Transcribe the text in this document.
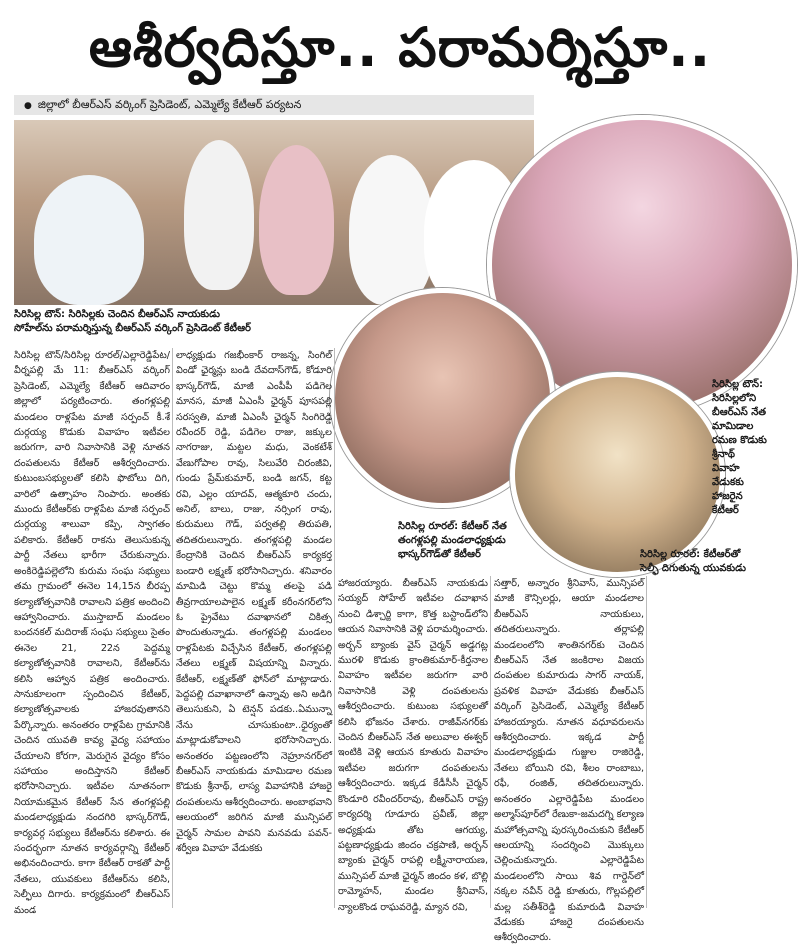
ఆశీర్వదిస్తూ.. పరామర్శిస్తూ..
● జిల్లాలో బీఆర్ఎస్ వర్కింగ్ ప్రెసిడెంట్, ఎమ్మెల్యే కేటీఆర్ పర్యటన
సిరిసిల్ల టౌన్: సిరిసిల్లకు చెందిన బీఆర్ఎస్ నాయకుడు
సోహేల్‌ను పరామర్శిస్తున్న బీఆర్ఎస్ వర్కింగ్ ప్రెసిడెంట్ కేటీఆర్
సిరిసిల్ల టౌన్:
సిరిసిల్లలోని
బీఆర్ఎస్ నేత
మామిడాల
రమణ కొడుకు
శ్రీనాథ్
వివాహ
వేడుకకు
హాజరైన
కేటీఆర్
సిరిసిల్ల రూరల్: కేటీఆర్ నేత
తంగళ్లపల్లి మండలాధ్యక్షుడు
భాస్కర్‌గౌడ్‌తో కేటీఆర్	సిరిసిల్ల రూరల్: కేటీఆర్‌తో
సెల్ఫీ దిగుతున్న యువకుడు
సిరిసిల్ల టౌన్/సిరిసిల్ల రూరల్/ఎల్లారెడ్డిపేట/వీర్నపల్లి మే 11: బీఆర్ఎస్ వర్కింగ్ ప్రెసిడెంట్, ఎమ్మెల్యే కేటీఆర్ ఆదివారం జిల్లాలో పర్యటించారు. తంగళ్లపల్లి మండలం రాళ్లపేట మాజీ సర్పంచ్ కీ.శే దుర్గయ్య కొడుకు వివాహం ఇటీవల జరుగగా, వారి నివాసానికి వెళ్లి నూతన దంపతులను కేటీఆర్ ఆశీర్వదించారు. కుటుంబసభ్యులతో కలిసి ఫొటోలు దిగి, వారిలో ఉత్సాహం నింపారు. అంతకు ముందు కేటీఆర్‌కు రాళ్లపేట మాజీ సర్పంచ్ దుర్గయ్య శాలువా కప్పి, స్వాగతం పలికారు. కేటీఆర్ రాకను తెలుసుకున్న పార్టీ నేతలు భారీగా చేరుకున్నారు. అంకిరెడ్డిపల్లెలోని కురుమ సంఘ సభ్యులు తమ గ్రామంలో ఈనెల 14,15న బీరప్ప కల్యాణోత్సవానికి రావాలని పత్రిక అందించి ఆహ్వానించారు. ముస్తాబాద్ మండలం బందనకల్ మదిరాజ్ సంఘ సభ్యులు సైతం ఈనెల 21, 22న పెద్దమ్మ కల్యాణోత్సవానికి రావాలని, కేటీఆర్‌ను కలిసి ఆహ్వాన పత్రిక అందించారు. సానుకూలంగా స్పందించిన కేటీఆర్, కల్యాణోత్సవాలకు హాజరవుతానని పేర్కొన్నారు. అనంతరం రాళ్లపేట గ్రామానికి చెందిన యువతి కావ్య వైద్య సహాయం చేయాలని కోరగా, మెరుగైన వైద్యం కోసం సహాయం అందిస్తానని కేటీఆర్ భరోసానిచ్చారు. ఇటీవల నూతనంగా నియామకమైన కేటీఆర్ సేన తంగళ్లపల్లి మండలాధ్యక్షుడు నందగిరి భాస్కర్‌గౌడ్, కార్యవర్గ సభ్యులు కేటీఆర్‌ను కలిశారు. ఈ సందర్భంగా నూతన కార్యవర్గాన్ని కేటీఆర్ అభినందించారు. కాగా కేటీఆర్ రాకతో పార్టీ నేతలు, యువకులు కేటీఆర్‌ను కలిసి, సెల్ఫీలు దిగారు. కార్యక్రమంలో బీఆర్ఎస్ మండ
లాధ్యక్షుడు గజభీంకార్ రాజన్న, సింగిల్ విండో ఛైర్మన్లు బండి దేవదాస్‌గౌడ్, కోడూరి భాస్కర్‌గౌడ్, మాజీ ఎంపీపీ పడిగెల మానస, మాజీ ఏఎంసీ ఛైర్మన్ పూసపల్లి సరస్వతి, మాజీ ఏఎంసీ ఛైర్మన్ సింగిరెడ్డి రవీందర్ రెడ్డి, పడిగెల రాజు, జక్కుల నాగరాజు, మట్టల మధు, వెంకటేశ్ వేణుగోపాల రావు, సిలువేరి చిరంజీవి, గుండు ప్రేమ్‌కుమార్, బండి జగన్, కట్ట రవి, ఎల్లం యాదవ్, ఆత్మకూరి చందు, అనిల్, బాలు, రాజు, నర్సింగ రావు, కురుమలు గౌడ్, పర్వతల్లి తిరుపతి, తదితరులున్నారు. తంగళ్లపల్లి మండల కేంద్రానికి చెందిన బీఆర్ఎస్ కార్యకర్త బండారి లక్ష్మణ్ భరోసానిచ్చారు. శనివారం మామిడి చెట్టు కొమ్మ తలపై పడి తీవ్రగాయాలపాలైన లక్ష్మణ్ కరీంనగర్‌లోని ఓ ప్రైవేటు దవాఖానలో చికిత్స పొందుతున్నాడు. తంగళ్లపల్లి మండలం రాళ్లపేటకు విచ్చేసిన కేటీఆర్, తంగళ్లపల్లి నేతలు లక్ష్మణ్ విషయాన్ని విన్నారు. కేటీఆర్, లక్ష్మణ్‌తో ఫోన్‌లో మాట్లాడారు. పెద్దపల్లి దవాఖానాలో ఉన్నావు అని అడిగి తెలుసుకుని, ఏ టెన్షన్ పడకు..ఏమున్నా నేను చూసుకుంటా..ధైర్యంతో మాట్లాడుకోవాలని భరోసానిచ్చారు. అనంతరం పట్టణంలోని నెహ్రూనగర్‌లో బీఆర్ఎస్ నాయకుడు మామిడాల రమణ కొడుకు శ్రీనాథ్, లాస్య వివాహానికి హాజరై దంపతులను ఆశీర్వదించారు. అంబాభవాని ఆలయంలో జరిగిన మాజీ మున్సిపల్ చైర్మన్ సామల పావని మనవడు పవన్-శర్వీణ వివాహ వేడుకకు
హాజరయ్యారు. బీఆర్ఎస్ నాయకుడు సయ్యద్ సోహేల్ ఇటీవల దవాఖాన నుంచి డిశ్చార్జి కాగా, కొత్త బస్టాండ్‌లోని ఆయన నివాసానికి వెళ్లి పరామర్శించారు. అర్బన్ బ్యాంకు వైస్ చైర్మన్ అడ్డగట్ల మురళి కొడుకు క్రాంతికుమార్-కీర్తనాల వివాహం ఇటీవల జరుగగా వారి నివాసానికి వెళ్లి దంపతులను ఆశీర్వదించారు. కుటుంబ సభ్యులతో కలిసి భోజనం చేశారు. రాజీవ్‌నగర్‌కు చెందిన బీఆర్ఎస్ నేత అలువాల ఈశ్వర్ ఇంటికి వెళ్లి ఆయన కూతురు వివాహం ఇటీవల జరుగగా దంపతులను ఆశీర్వదించారు. ఇక్కడ కేడీసీసీ చైర్మన్ కొండూరి రవీందర్‌రావు, బీఆర్ఎస్ రాష్ట్ర కార్యదర్శి గూడూరు ప్రవీణ్, జిల్లా అధ్యక్షుడు తోట ఆగయ్య, పట్టణాధ్యక్షుడు జిందం చక్రపాణి, అర్బన్ బ్యాంకు చైర్మన్ రాపల్లి లక్ష్మీనారాయణ, మున్సిపల్ మాజీ ఛైర్మన్ జిందం కళ, బొల్లి రామ్మోహన్, మండల శ్రీనివాస్, న్యాలకొండ రాఘవరెడ్డి, మ్యాన రవి,
సత్తార్, అన్నారం శ్రీనివాస్, మున్సిపల్ మాజీ కౌన్సిలర్లు, ఆయా మండలాల బీఆర్ఎస్ నాయకులు, తదితరులున్నారు. తర్లాపల్లి మండలంలోని శాంతినగర్‌కు చెందిన బీఆర్ఎస్ నేత జంకిరాల విజయ దంపతుల కుమారుడు సాగర్ నాయక్, ప్రవళిక వివాహ వేడుకకు బీఆర్ఎస్ వర్కింగ్ ప్రెసిడెంట్, ఎమ్మెల్యే కేటీఆర్ హాజరయ్యారు. నూతన వధూవరులను ఆశీర్వదించారు. ఇక్కడ పార్టీ మండలాధ్యక్షుడు గుజ్జుల రాజిరెడ్డి, నేతలు బోయిని రవి, శీలం రాంబాబు, రఫీ, రంజిత్, తదితరులున్నారు. అనంతరం ఎల్లారెడ్డిపేట మండలం అల్మాస్‌పూర్‌లో రేణుకా-జమదగ్ని కల్యాణ మహోత్సవాన్ని పురస్కరించుకుని కేటీఆర్ ఆలయాన్ని సందర్శించి మొక్కులు చెల్లించుకున్నారు. ఎల్లారెడ్డిపేట మండలంలోని సాయి శివ గార్డెన్‌లో నక్కల నవీన్ రెడ్డి కూతురు, గొల్లపల్లిలో మల్ల సతీశ్‌రెడ్డి కుమారుడి వివాహ వేడుకకు హాజరై దంపతులను ఆశీర్వదించారు.
